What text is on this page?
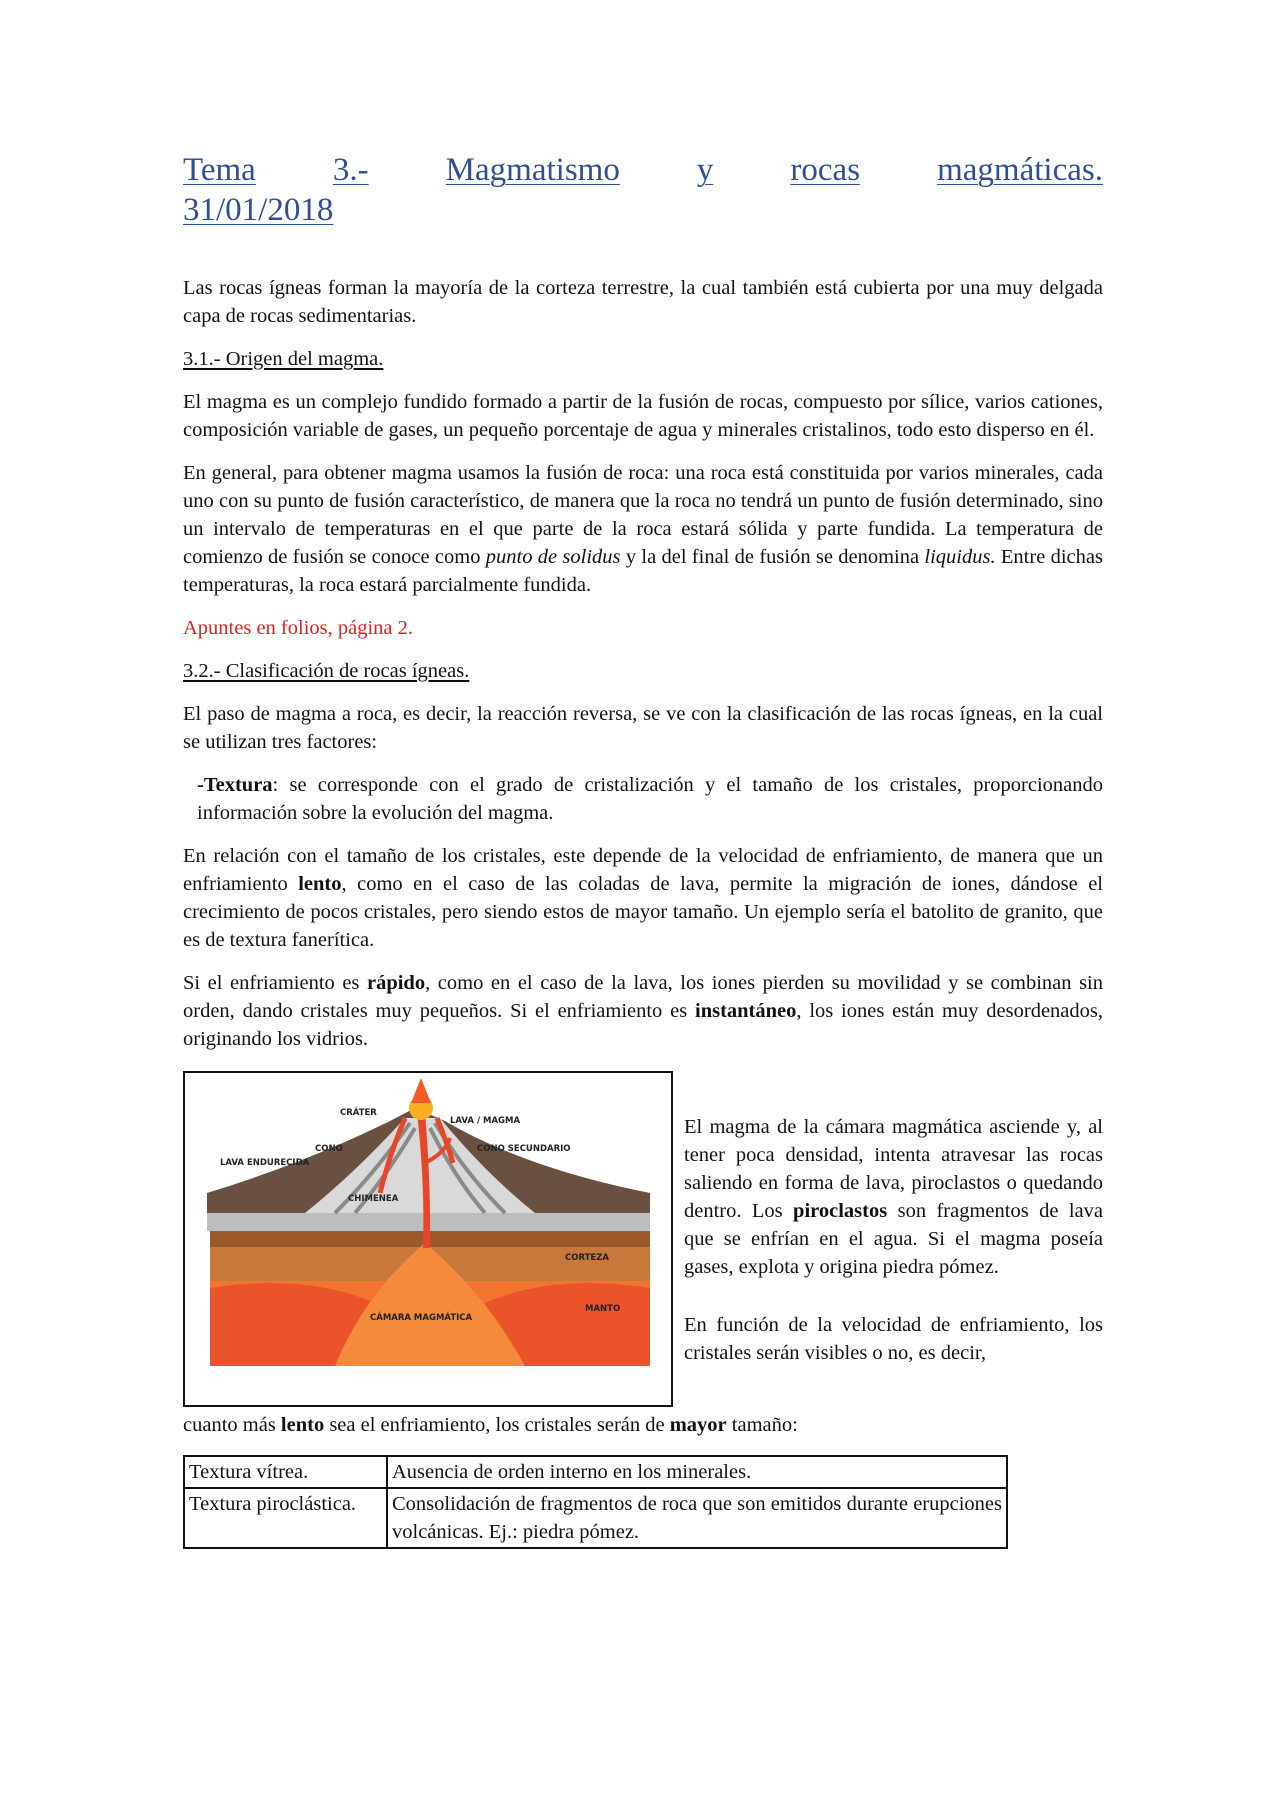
Tema 3.- Magmatismo y rocas magmáticas.
31/01/2018

Las rocas ígneas forman la mayoría de la corteza terrestre, la cual también está cubierta por una muy delgada capa de rocas sedimentarias.

3.1.- Origen del magma.

El magma es un complejo fundido formado a partir de la fusión de rocas, compuesto por sílice, varios cationes, composición variable de gases, un pequeño porcentaje de agua y minerales cristalinos, todo esto disperso en él.

En general, para obtener magma usamos la fusión de roca: una roca está constituida por varios minerales, cada uno con su punto de fusión característico, de manera que la roca no tendrá un punto de fusión determinado, sino un intervalo de temperaturas en el que parte de la roca estará sólida y parte fundida. La temperatura de comienzo de fusión se conoce como punto de solidus y la del final de fusión se denomina liquidus. Entre dichas temperaturas, la roca estará parcialmente fundida.

Apuntes en folios, página 2.

3.2.- Clasificación de rocas ígneas.

El paso de magma a roca, es decir, la reacción reversa, se ve con la clasificación de las rocas ígneas, en la cual se utilizan tres factores:

-Textura: se corresponde con el grado de cristalización y el tamaño de los cristales, proporcionando información sobre la evolución del magma.

En relación con el tamaño de los cristales, este depende de la velocidad de enfriamiento, de manera que un enfriamiento lento, como en el caso de las coladas de lava, permite la migración de iones, dándose el crecimiento de pocos cristales, pero siendo estos de mayor tamaño. Un ejemplo sería el batolito de granito, que es de textura fanerítica.

Si el enfriamiento es rápido, como en el caso de la lava, los iones pierden su movilidad y se combinan sin orden, dando cristales muy pequeños. Si el enfriamiento es instantáneo, los iones están muy desordenados, originando los vidrios.

CRÁTER
LAVA / MAGMA
CONO	CONO SECUNDARIO
LAVA ENDURECIDA
CHIMENEA
CORTEZA
MANTO
CÁMARA MAGMÁTICA

El magma de la cámara magmática asciende y, al tener poca densidad, intenta atravesar las rocas saliendo en forma de lava, piroclastos o quedando dentro. Los piroclastos son fragmentos de lava que se enfrían en el agua. Si el magma poseía gases, explota y origina piedra pómez.

En función de la velocidad de enfriamiento, los cristales serán visibles o no, es decir,

cuanto más lento sea el enfriamiento, los cristales serán de mayor tamaño:

Textura vítrea.	Ausencia de orden interno en los minerales.
Textura piroclástica.	Consolidación de fragmentos de roca que son emitidos durante erupciones volcánicas. Ej.: piedra pómez.
